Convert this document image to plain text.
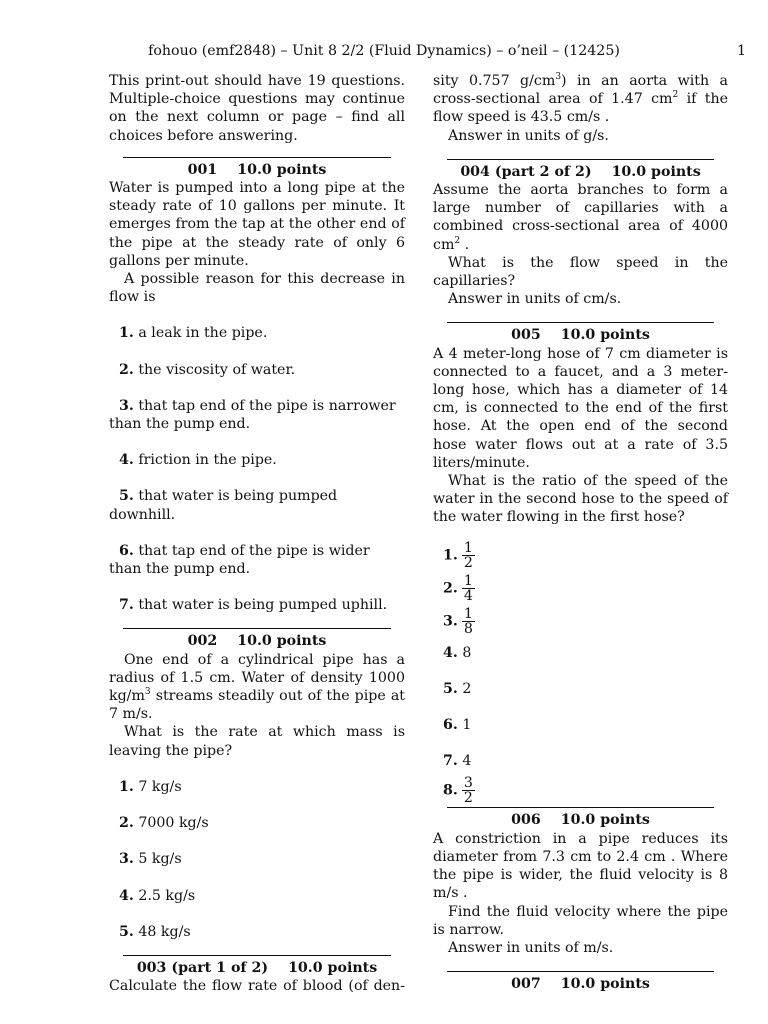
fohouo (emf2848) – Unit 8 2/2 (Fluid Dynamics) – o’neil – (12425)	1

This print-out should have 19 questions. Multiple-choice questions may continue on the next column or page – find all choices before answering.

001 10.0 points

Water is pumped into a long pipe at the steady rate of 10 gallons per minute. It emerges from the tap at the other end of the pipe at the steady rate of only 6 gallons per minute.

A possible reason for this decrease in flow is

1. a leak in the pipe.

2. the viscosity of water.

3. that tap end of the pipe is narrower than the pump end.

4. friction in the pipe.

5. that water is being pumped downhill.

6. that tap end of the pipe is wider than the pump end.

7. that water is being pumped uphill.

002 10.0 points

One end of a cylindrical pipe has a radius of 1.5 cm. Water of density 1000 $kg/m^3$ streams steadily out of the pipe at 7 m/s.

What is the rate at which mass is leaving the pipe?

1. 7 kg/s

2. 7000 kg/s

3. 5 kg/s

4. 2.5 kg/s

5. 48 kg/s

003 (part 1 of 2) 10.0 points

Calculate the flow rate of blood (of den-

sity 0.757 $g/cm^3$) in an aorta with a cross-sectional area of 1.47 $cm^2$ if the flow speed is 43.5 cm/s .

Answer in units of g/s.

004 (part 2 of 2) 10.0 points

Assume the aorta branches to form a large number of capillaries with a combined cross-sectional area of 4000 $cm^2$ .

What is the flow speed in the capillaries?

Answer in units of cm/s.

005 10.0 points

A 4 meter-long hose of 7 cm diameter is connected to a faucet, and a 3 meter-long hose, which has a diameter of 14 cm, is connected to the end of the first hose. At the open end of the second hose water flows out at a rate of 3.5 liters/minute.

What is the ratio of the speed of the water in the second hose to the speed of the water flowing in the first hose?

1. $\frac{1}{2}$

2. $\frac{1}{4}$

3. $\frac{1}{8}$

4. 8

5. 2

6. 1

7. 4

8. $\frac{3}{2}$

006 10.0 points

A constriction in a pipe reduces its diameter from 7.3 cm to 2.4 cm . Where the pipe is wider, the fluid velocity is 8 m/s .

Find the fluid velocity where the pipe is narrow.

Answer in units of m/s.

007 10.0 points
